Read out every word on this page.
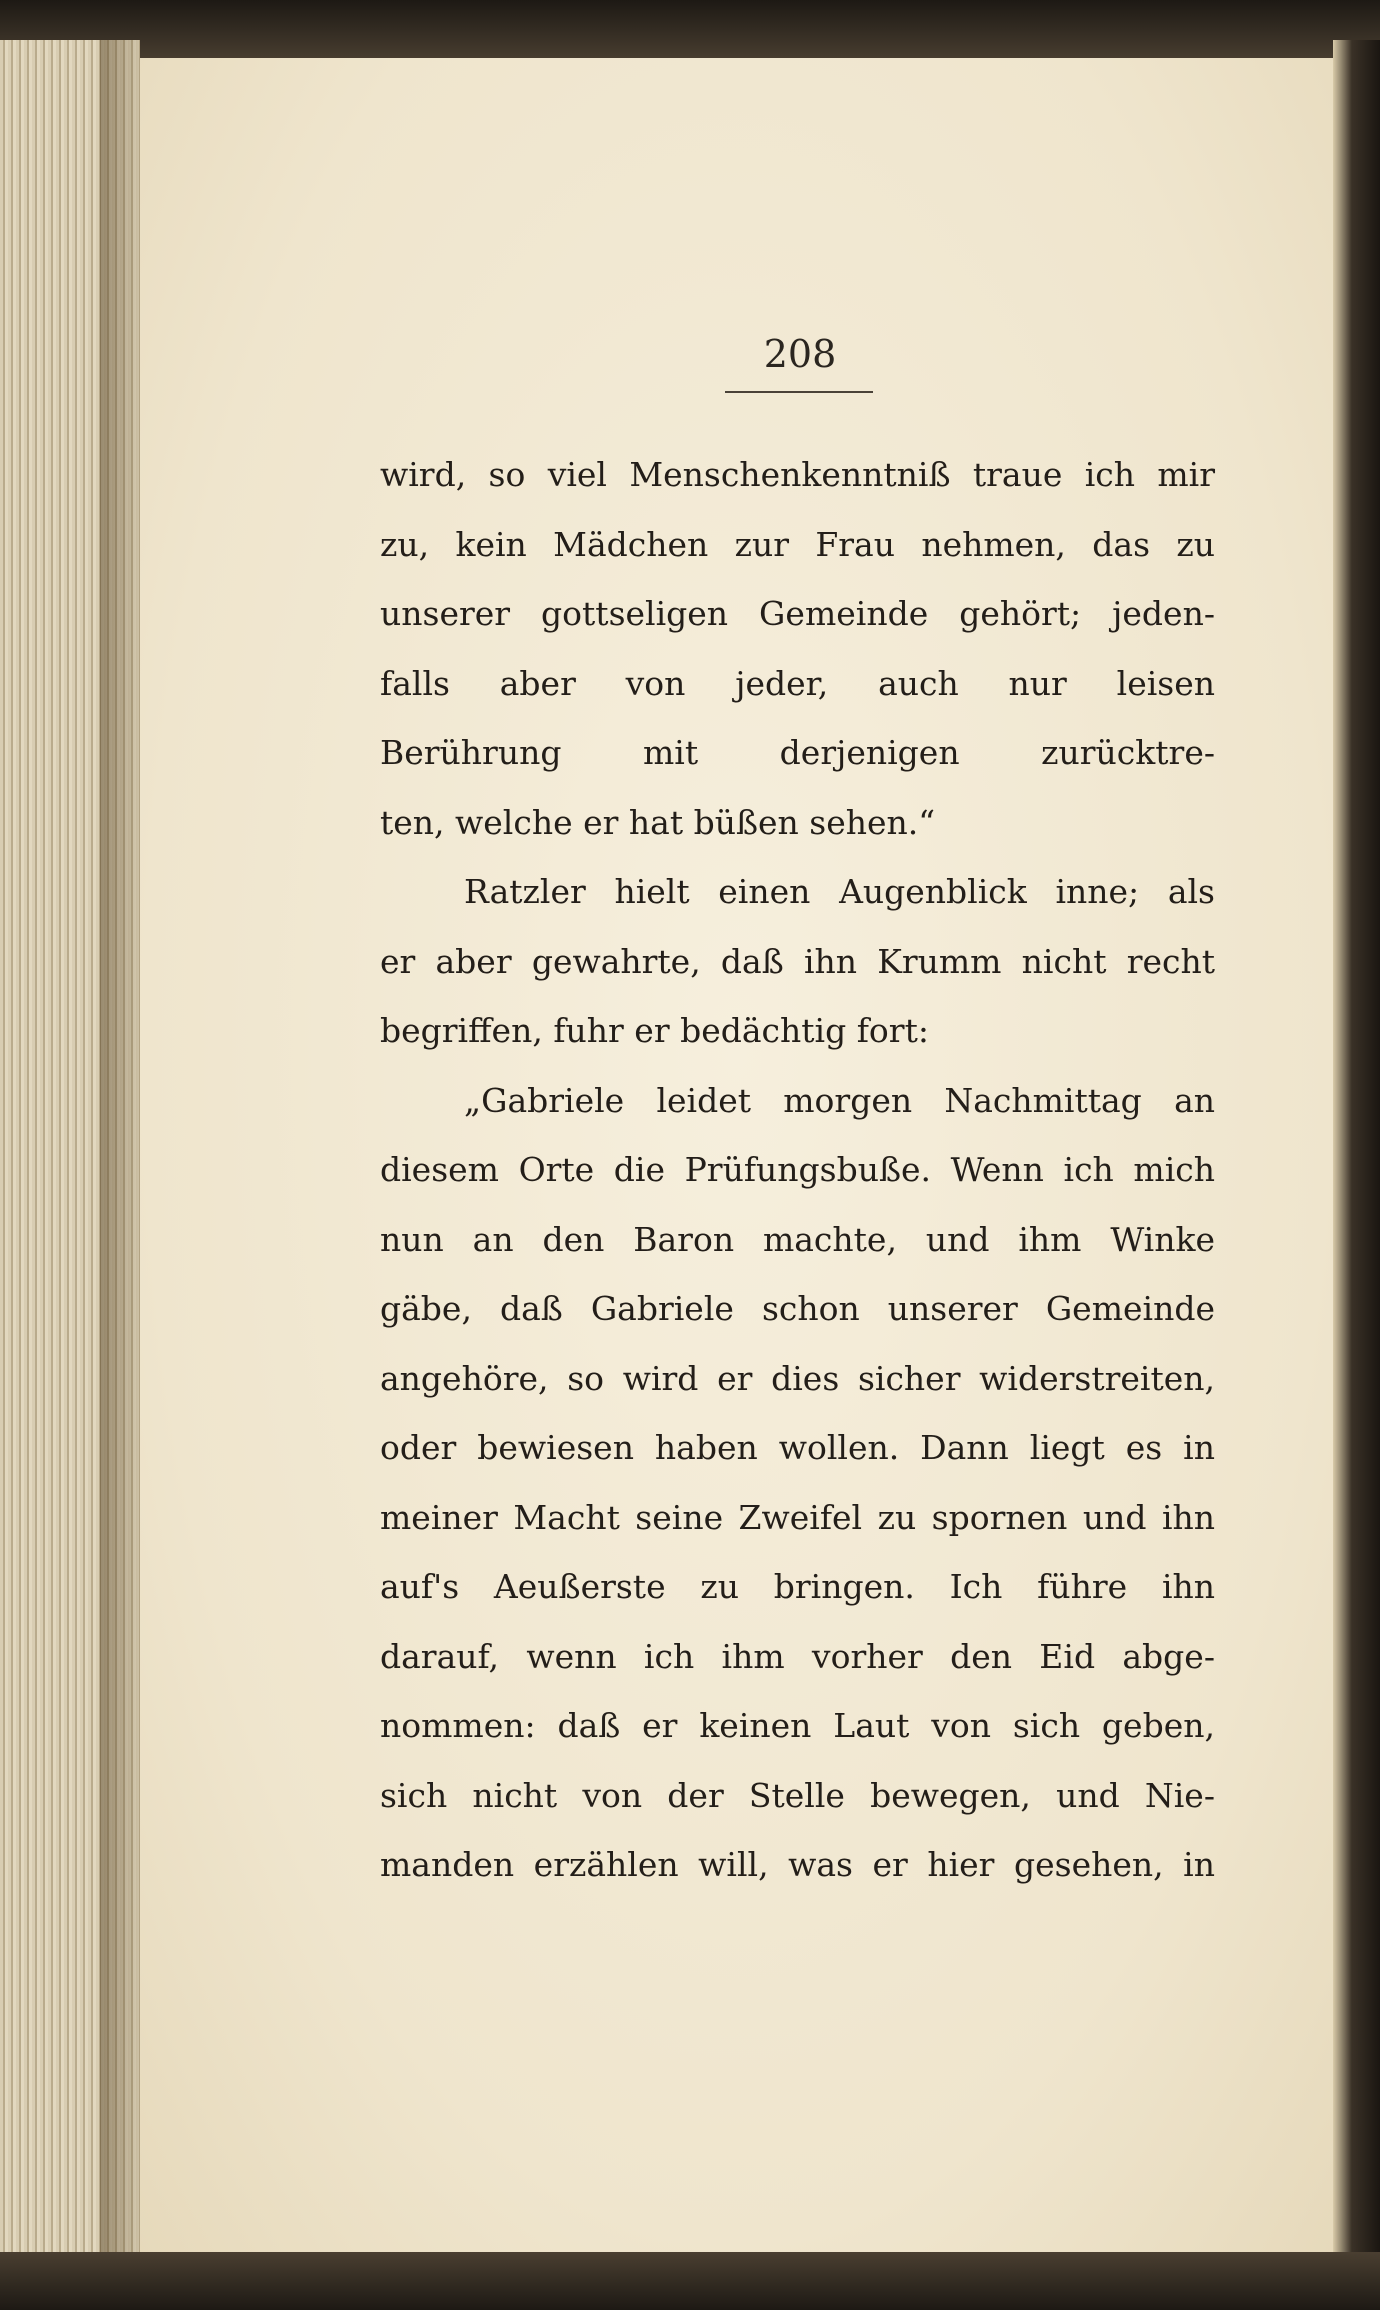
208
wird, so viel Menschenkenntniß traue ich mir
zu, kein Mädchen zur Frau nehmen, das zu
unserer gottseligen Gemeinde gehört; jeden-
falls aber von jeder, auch nur leisen
Berührung mit derjenigen zurücktre-
ten, welche er hat büßen sehen.“
Ratzler hielt einen Augenblick inne; als
er aber gewahrte, daß ihn Krumm nicht recht
begriffen, fuhr er bedächtig fort:
„Gabriele leidet morgen Nachmittag an
diesem Orte die Prüfungsbuße. Wenn ich mich
nun an den Baron machte, und ihm Winke
gäbe, daß Gabriele schon unserer Gemeinde
angehöre, so wird er dies sicher widerstreiten,
oder bewiesen haben wollen. Dann liegt es in
meiner Macht seine Zweifel zu spornen und ihn
auf's Aeußerste zu bringen. Ich führe ihn
darauf, wenn ich ihm vorher den Eid abge-
nommen: daß er keinen Laut von sich geben,
sich nicht von der Stelle bewegen, und Nie-
manden erzählen will, was er hier gesehen, in
